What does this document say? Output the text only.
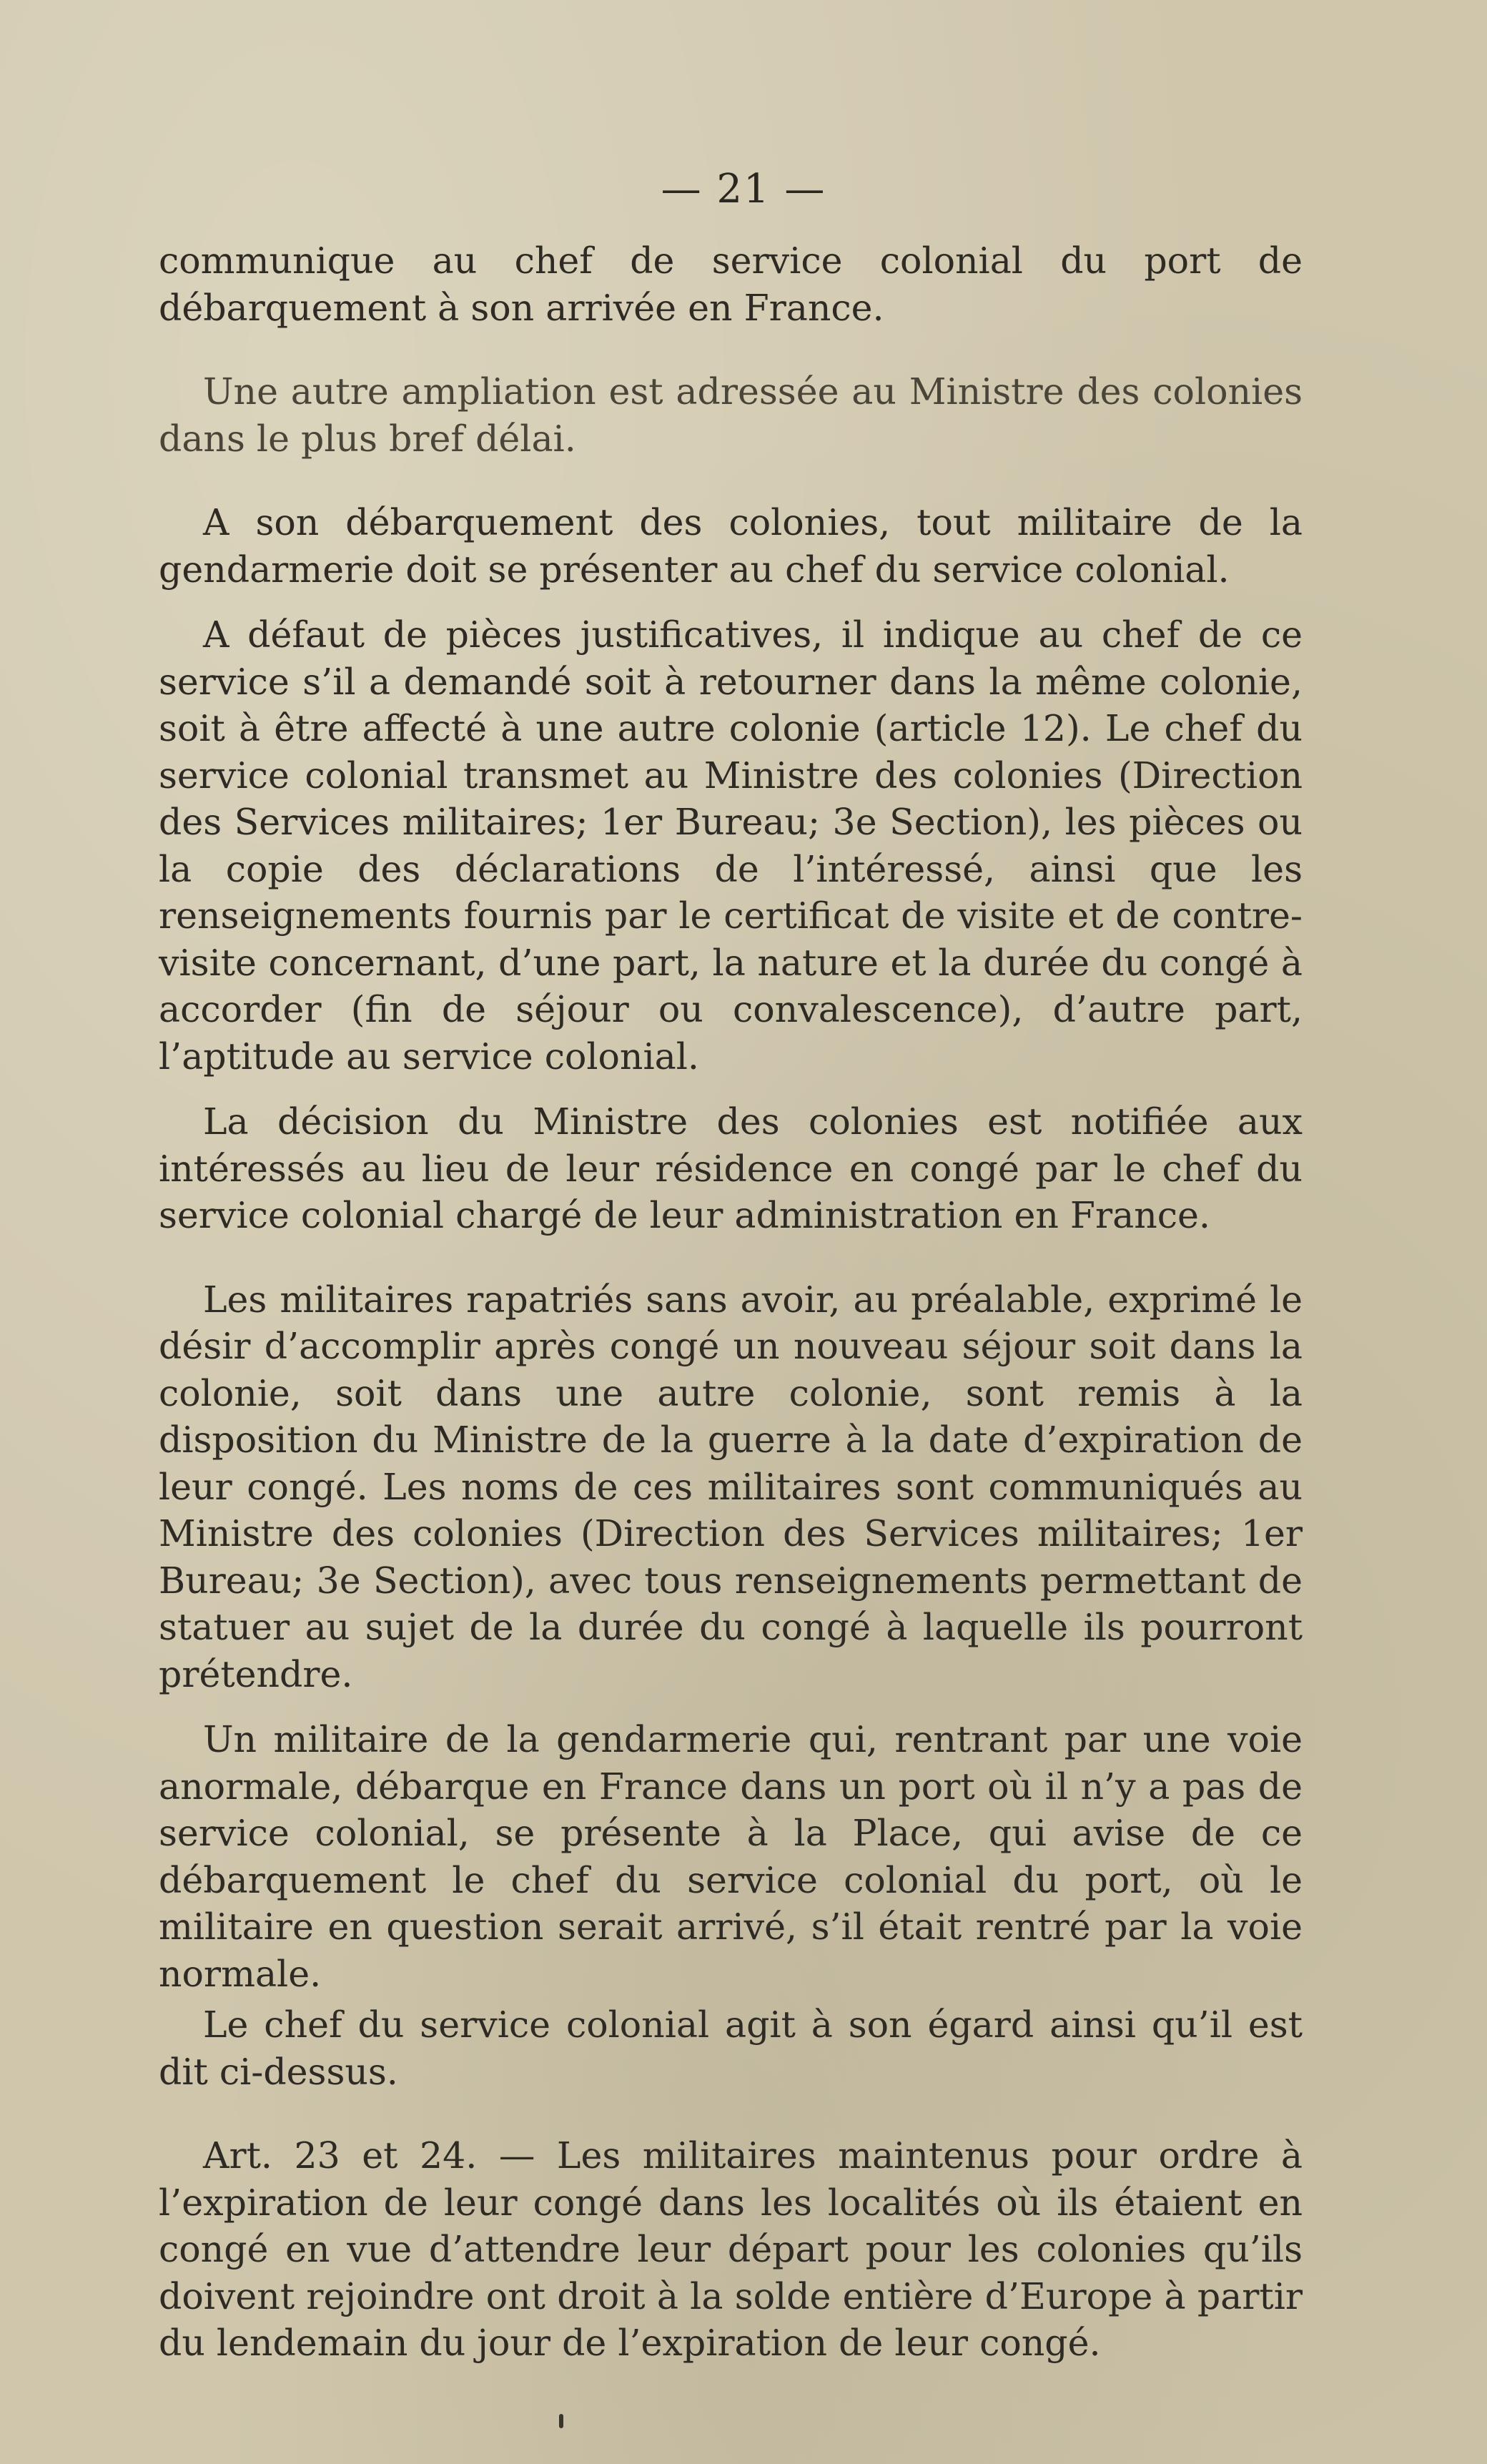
— 21 —

communique au chef de service colonial du port de débarquement à son arrivée en France.

Une autre ampliation est adressée au Ministre des colonies dans le plus bref délai.

A son débarquement des colonies, tout militaire de la gendarmerie doit se présenter au chef du service colonial.

A défaut de pièces justificatives, il indique au chef de ce service s’il a demandé soit à retourner dans la même colonie, soit à être affecté à une autre colonie (article 12). Le chef du service colonial transmet au Ministre des colonies (Direction des Services militaires; 1er Bureau; 3e Section), les pièces ou la copie des déclarations de l’intéressé, ainsi que les renseignements fournis par le certificat de visite et de contre-visite concernant, d’une part, la nature et la durée du congé à accorder (fin de séjour ou convalescence), d’autre part, l’aptitude au service colonial.

La décision du Ministre des colonies est notifiée aux intéressés au lieu de leur résidence en congé par le chef du service colonial chargé de leur administration en France.

Les militaires rapatriés sans avoir, au préalable, exprimé le désir d’accomplir après congé un nouveau séjour soit dans la colonie, soit dans une autre colonie, sont remis à la disposition du Ministre de la guerre à la date d’expiration de leur congé. Les noms de ces militaires sont communiqués au Ministre des colonies (Direction des Services militaires; 1er Bureau; 3e Section), avec tous renseignements permettant de statuer au sujet de la durée du congé à laquelle ils pourront prétendre.

Un militaire de la gendarmerie qui, rentrant par une voie anormale, débarque en France dans un port où il n’y a pas de service colonial, se présente à la Place, qui avise de ce débarquement le chef du service colonial du port, où le militaire en question serait arrivé, s’il était rentré par la voie normale.

Le chef du service colonial agit à son égard ainsi qu’il est dit ci-dessus.

Art. 23 et 24. — Les militaires maintenus pour ordre à l’expiration de leur congé dans les localités où ils étaient en congé en vue d’attendre leur départ pour les colonies qu’ils doivent rejoindre ont droit à la solde entière d’Europe à partir du lendemain du jour de l’expiration de leur congé.
